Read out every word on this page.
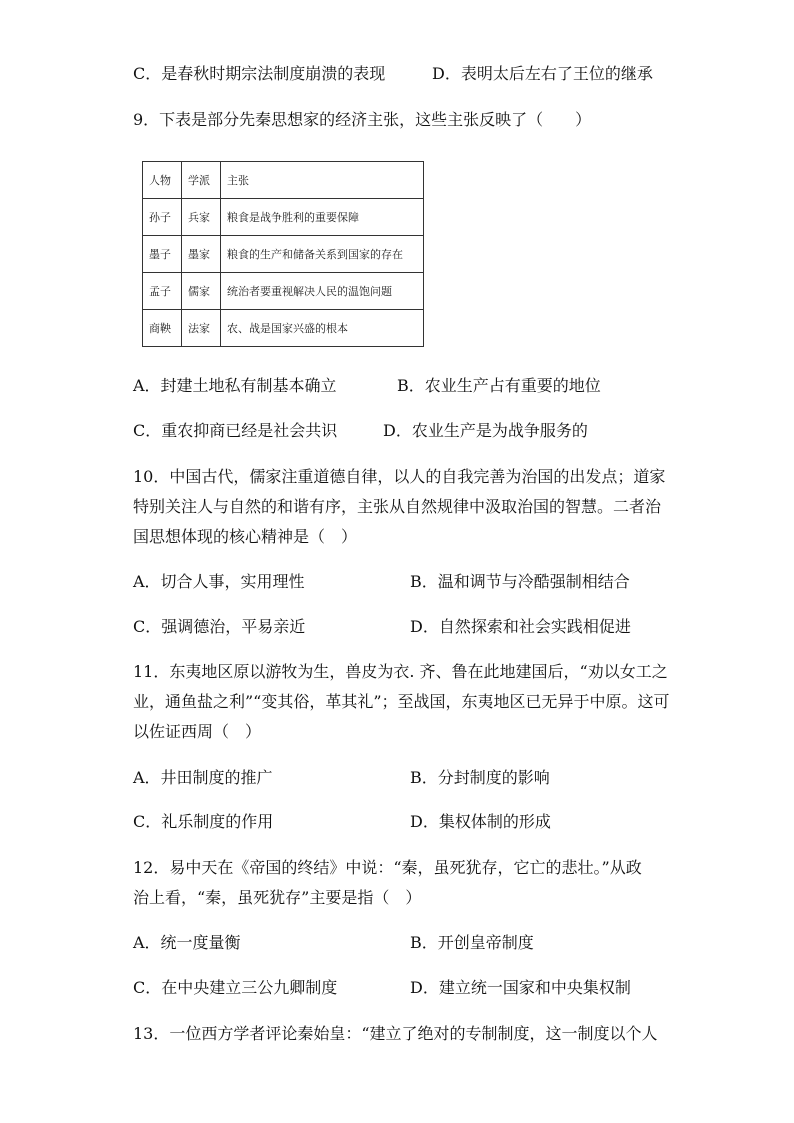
C．是春秋时期宗法制度崩溃的表现	D．表明太后左右了王位的继承
9．下表是部分先秦思想家的经济主张，这些主张反映了（　　）
人物	学派	主张
孙子	兵家	粮食是战争胜利的重要保障
墨子	墨家	粮食的生产和储备关系到国家的存在
孟子	儒家	统治者要重视解决人民的温饱问题
商鞅	法家	农、战是国家兴盛的根本
A．封建土地私有制基本确立	B．农业生产占有重要的地位
C．重农抑商已经是社会共识	D．农业生产是为战争服务的
10．中国古代，儒家注重道德自律，以人的自我完善为治国的出发点；道家
特别关注人与自然的和谐有序，主张从自然规律中汲取治国的智慧。二者治
国思想体现的核心精神是（　）
A．切合人事，实用理性	B．温和调节与冷酷强制相结合
C．强调德治，平易亲近	D．自然探索和社会实践相促进
11．东夷地区原以游牧为生，兽皮为衣. 齐、鲁在此地建国后，“劝以女工之
业，通鱼盐之利”“变其俗，革其礼”；至战国，东夷地区已无异于中原。这可
以佐证西周（　）
A．井田制度的推广	B．分封制度的影响
C．礼乐制度的作用	D．集权体制的形成
12．易中天在《帝国的终结》中说：“秦，虽死犹存，它亡的悲壮。”从政
治上看，“秦，虽死犹存”主要是指（　）
A．统一度量衡	B．开创皇帝制度
C．在中央建立三公九卿制度	D．建立统一国家和中央集权制
13．一位西方学者评论秦始皇：“建立了绝对的专制制度，这一制度以个人
